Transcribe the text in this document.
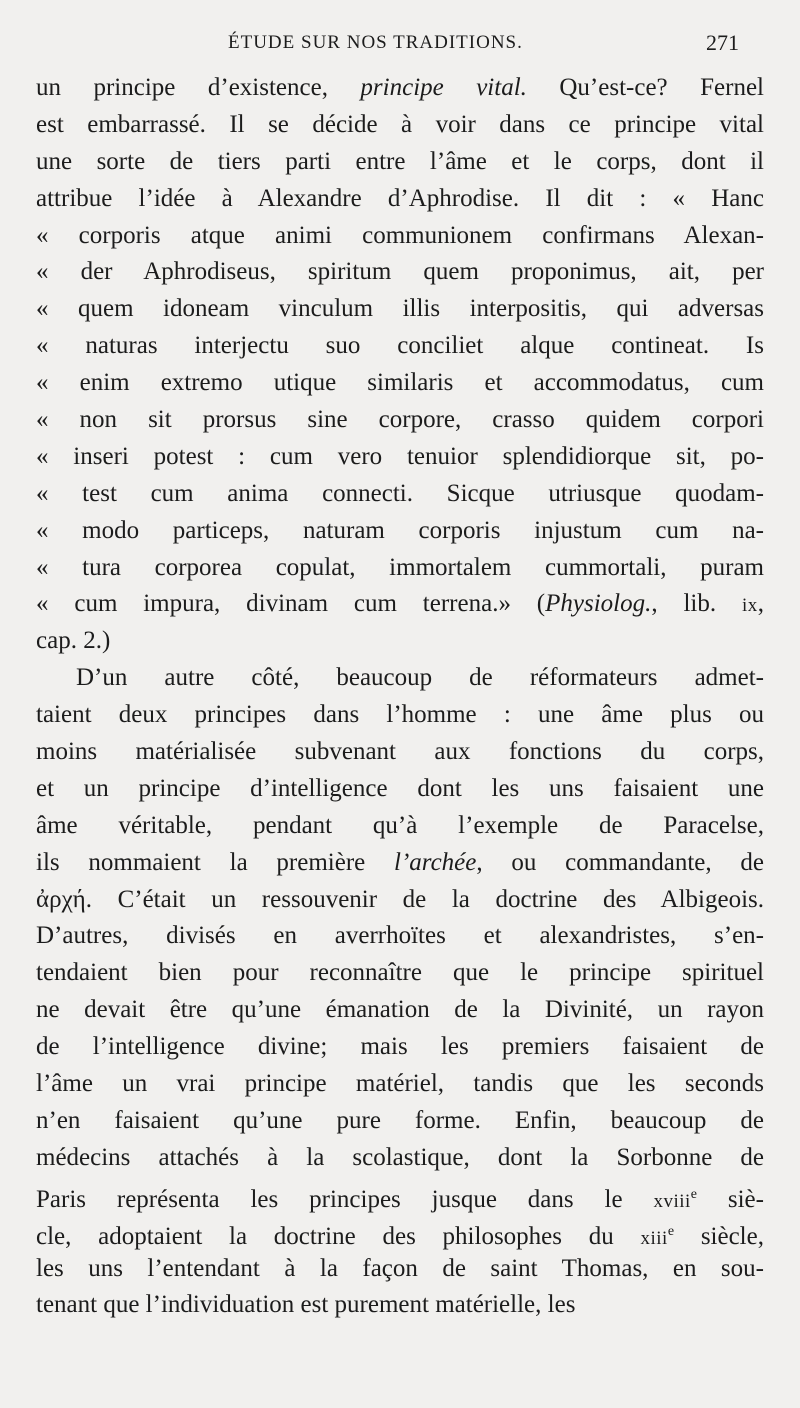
ÉTUDE SUR NOS TRADITIONS.	271
un principe d’existence, principe vital. Qu’est-ce? Fernel
est embarrassé. Il se décide à voir dans ce principe vital
une sorte de tiers parti entre l’âme et le corps, dont il
attribue l’idée à Alexandre d’Aphrodise. Il dit : « Hanc
« corporis atque animi communionem confirmans Alexan-
« der Aphrodiseus, spiritum quem proponimus, ait, per
« quem idoneam vinculum illis interpositis, qui adversas
« naturas interjectu suo conciliet alque contineat. Is
« enim extremo utique similaris et accommodatus, cum
« non sit prorsus sine corpore, crasso quidem corpori
« inseri potest : cum vero tenuior splendidiorque sit, po-
« test cum anima connecti. Sicque utriusque quodam-
« modo particeps, naturam corporis injustum cum na-
« tura corporea copulat, immortalem cummortali, puram
« cum impura, divinam cum terrena.» (Physiolog., lib. ix,
cap. 2.)
D’un autre côté, beaucoup de réformateurs admet-
taient deux principes dans l’homme : une âme plus ou
moins matérialisée subvenant aux fonctions du corps,
et un principe d’intelligence dont les uns faisaient une
âme véritable, pendant qu’à l’exemple de Paracelse,
ils nommaient la première l’archée, ou commandante, de
ἀρχή. C’était un ressouvenir de la doctrine des Albigeois.
D’autres, divisés en averrhoïtes et alexandristes, s’en-
tendaient bien pour reconnaître que le principe spirituel
ne devait être qu’une émanation de la Divinité, un rayon
de l’intelligence divine; mais les premiers faisaient de
l’âme un vrai principe matériel, tandis que les seconds
n’en faisaient qu’une pure forme. Enfin, beaucoup de
médecins attachés à la scolastique, dont la Sorbonne de
Paris représenta les principes jusque dans le xviii$^e$ siè-
cle, adoptaient la doctrine des philosophes du xiii$^e$ siècle,
les uns l’entendant à la façon de saint Thomas, en sou-
tenant que l’individuation est purement matérielle, les
